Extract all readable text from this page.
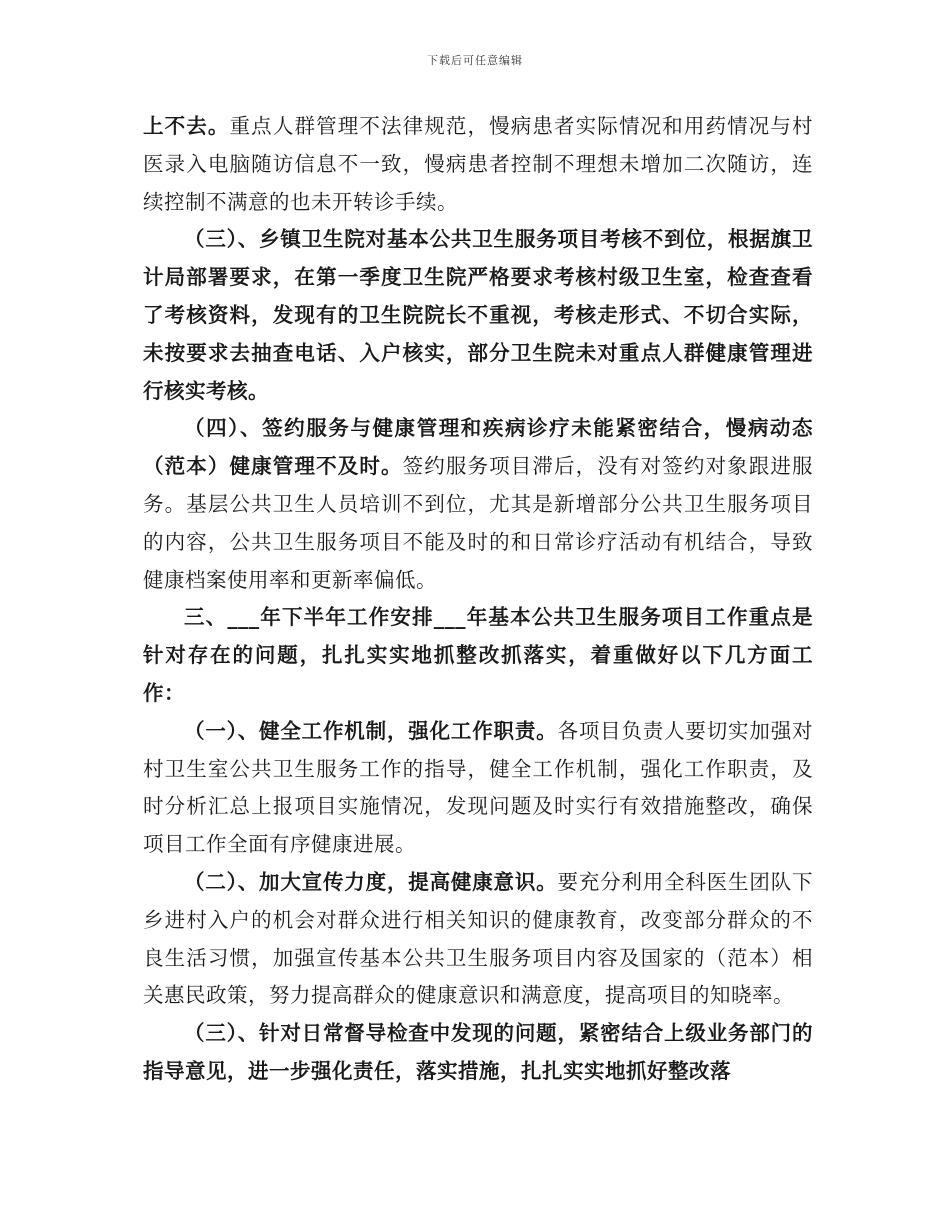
下载后可任意编辑

上不去。重点人群管理不法律规范，慢病患者实际情况和用药情况与村医录入电脑随访信息不一致，慢病患者控制不理想未增加二次随访，连续控制不满意的也未开转诊手续。

（三）、乡镇卫生院对基本公共卫生服务项目考核不到位，根据旗卫计局部署要求，在第一季度卫生院严格要求考核村级卫生室，检查查看了考核资料，发现有的卫生院院长不重视，考核走形式、不切合实际，未按要求去抽查电话、入户核实，部分卫生院未对重点人群健康管理进行核实考核。

（四）、签约服务与健康管理和疾病诊疗未能紧密结合，慢病动态（范本）健康管理不及时。签约服务项目滞后，没有对签约对象跟进服务。基层公共卫生人员培训不到位，尤其是新增部分公共卫生服务项目的内容，公共卫生服务项目不能及时的和日常诊疗活动有机结合，导致健康档案使用率和更新率偏低。

三、___年下半年工作安排___年基本公共卫生服务项目工作重点是针对存在的问题，扎扎实实地抓整改抓落实，着重做好以下几方面工作：

（一）、健全工作机制，强化工作职责。各项目负责人要切实加强对村卫生室公共卫生服务工作的指导，健全工作机制，强化工作职责，及时分析汇总上报项目实施情况，发现问题及时实行有效措施整改，确保项目工作全面有序健康进展。

（二）、加大宣传力度，提高健康意识。要充分利用全科医生团队下乡进村入户的机会对群众进行相关知识的健康教育，改变部分群众的不良生活习惯，加强宣传基本公共卫生服务项目内容及国家的（范本）相关惠民政策，努力提高群众的健康意识和满意度，提高项目的知晓率。

（三）、针对日常督导检查中发现的问题，紧密结合上级业务部门的指导意见，进一步强化责任，落实措施，扎扎实实地抓好整改落
